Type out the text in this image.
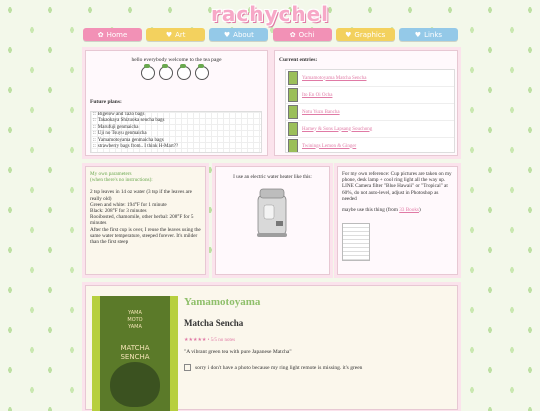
rachychel
✿ Home	♥ Art	♥ About	✿ Ochi	♥ Graphics	♥ Links
hello everybody welcome to the tea page
Future plans:
:: Bigelow and Tazo bags
:: Takaokaya Shizuoka sencha bags
:: Marufuji genmaicha
:: Uji no Tsuyu genmaicha
:: Yamamotoyama genmaicha bags
:: strawberry bags from.. I think H-Mart??
Current entries:
Yamamotoyama Matcha Sencha
Ito En Oi Ocha
Notu Yuzu Bancha
Harney & Sons Lapsang Souchong
Twinings Lemon & Ginger
My own parameters
(when there's no instructions):
2 tsp leaves in 14 oz water (3 tsp if the leaves are really old)
Green and white: 194°F for 1 minute
Black: 208°F for 3 minutes
Rooibosted, chamomile, other herbal: 208°F for 5 minutes
After the first cup is over, I reuse the leaves using the same water temperature, steeped forever. It's milder than the first steep
I use an electric water heater like this:	For my own reference: Cup pictures are taken on my phone, desk lamp + cool ring light all the way up. LINE Camera filter "Blue Hawaii" or "Tropical" at 60%, do not auto-level, adjust in Photoshop as needed
maybe use this thing (from 33 Books)
YAMA
MOTO
YAMA
MATCHA
SENCHA
Yamamotoyama
Matcha Sencha
★★★★★ • 5/5 no notes
"A vibrant green tea with pure Japanese Matcha"
sorry i don't have a photo because my ring light remote is missing. it's green
